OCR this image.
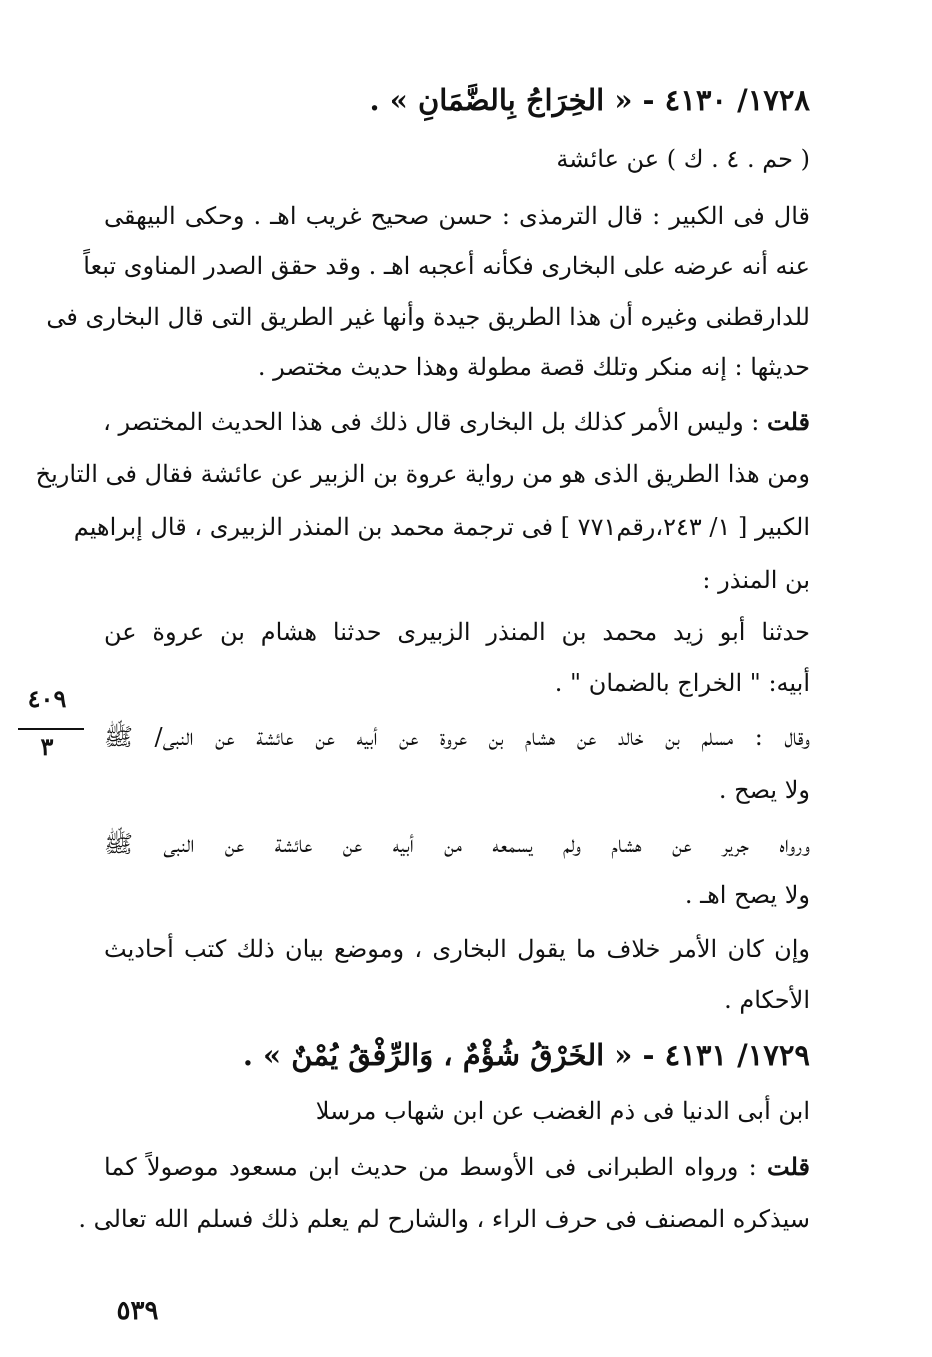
١٧٢٨/ ٤١٣٠ - « الخِرَاجُ بِالضَّمَانِ » .
( حم . ٤ . ك ) عن عائشة
قال فى الكبير : قال الترمذى : حسن صحيح غريب اهـ . وحكى البيهقى
عنه أنه عرضه على البخارى فكأنه أعجبه اهـ . وقد حقق الصدر المناوى تبعاً
للدارقطنى وغيره أن هذا الطريق جيدة وأنها غير الطريق التى قال البخارى فى
حديثها : إنه منكر وتلك قصة مطولة وهذا حديث مختصر .
قلت : وليس الأمر كذلك بل البخارى قال ذلك فى هذا الحديث المختصر ،
ومن هذا الطريق الذى هو من رواية عروة بن الزبير عن عائشة فقال فى التاريخ
الكبير [ ١/ ٢٤٣،رقم٧٧١ ] فى ترجمة محمد بن المنذر الزبيرى ، قال إبراهيم
بن المنذر :
حدثنا أبو زيد محمد بن المنذر الزبيرى حدثنا هشام بن عروة عن
أبيه: " الخراج بالضمان " .
وقال : مسلم بن خالد عن هشام بن عروة عن أبيه عن عائشة عن النبى/ ﷺ
ولا يصح .
ورواه جرير عن هشام ولم يسمعه من أبيه عن عائشة عن النبى ﷺ
ولا يصح اهـ .
وإن كان الأمر خلاف ما يقول البخارى ، وموضع بيان ذلك كتب أحاديث
الأحكام .
١٧٢٩/ ٤١٣١ - « الخَرْقُ شُؤْمٌ ، وَالرِّفْقُ يُمْنٌ » .
ابن أبى الدنيا فى ذم الغضب عن ابن شهاب مرسلا
قلت : ورواه الطبرانى فى الأوسط من حديث ابن مسعود موصولاً كما
سيذكره المصنف فى حرف الراء ، والشارح لم يعلم ذلك فسلم الله تعالى .
٤٠٩
٣
٥٣٩
